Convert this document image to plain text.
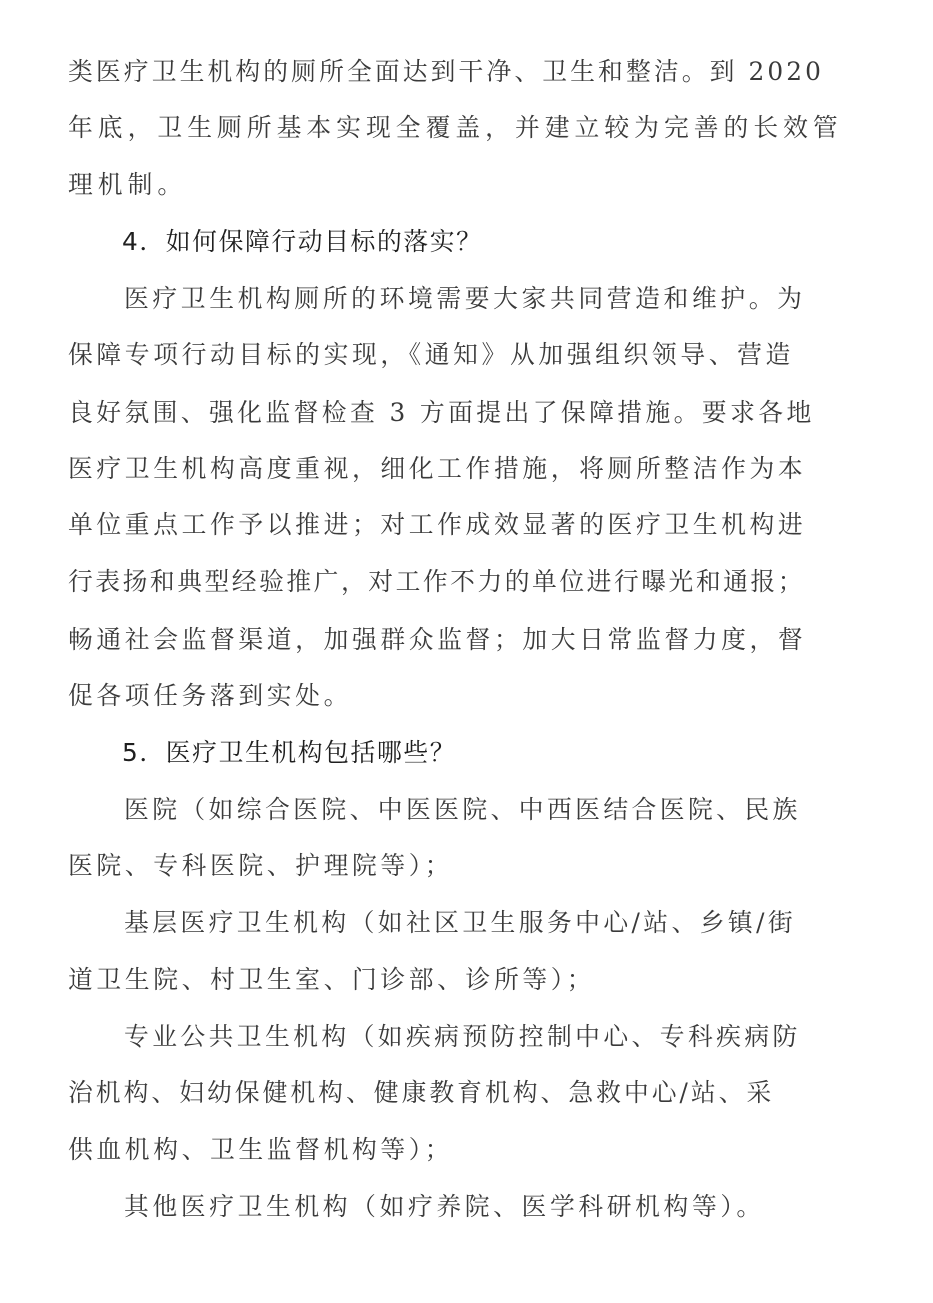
类医疗卫生机构的厕所全面达到干净、卫生和整洁。到 2020
年底，卫生厕所基本实现全覆盖，并建立较为完善的长效管
理机制。
4．如何保障行动目标的落实？
医疗卫生机构厕所的环境需要大家共同营造和维护。为
保障专项行动目标的实现，《通知》从加强组织领导、营造
良好氛围、强化监督检查 3 方面提出了保障措施。要求各地
医疗卫生机构高度重视，细化工作措施，将厕所整洁作为本
单位重点工作予以推进；对工作成效显著的医疗卫生机构进
行表扬和典型经验推广，对工作不力的单位进行曝光和通报；
畅通社会监督渠道，加强群众监督；加大日常监督力度，督
促各项任务落到实处。
5．医疗卫生机构包括哪些？
医院（如综合医院、中医医院、中西医结合医院、民族
医院、专科医院、护理院等）；
基层医疗卫生机构（如社区卫生服务中心/站、乡镇/街
道卫生院、村卫生室、门诊部、诊所等）；
专业公共卫生机构（如疾病预防控制中心、专科疾病防
治机构、妇幼保健机构、健康教育机构、急救中心/站、采
供血机构、卫生监督机构等）；
其他医疗卫生机构（如疗养院、医学科研机构等）。
